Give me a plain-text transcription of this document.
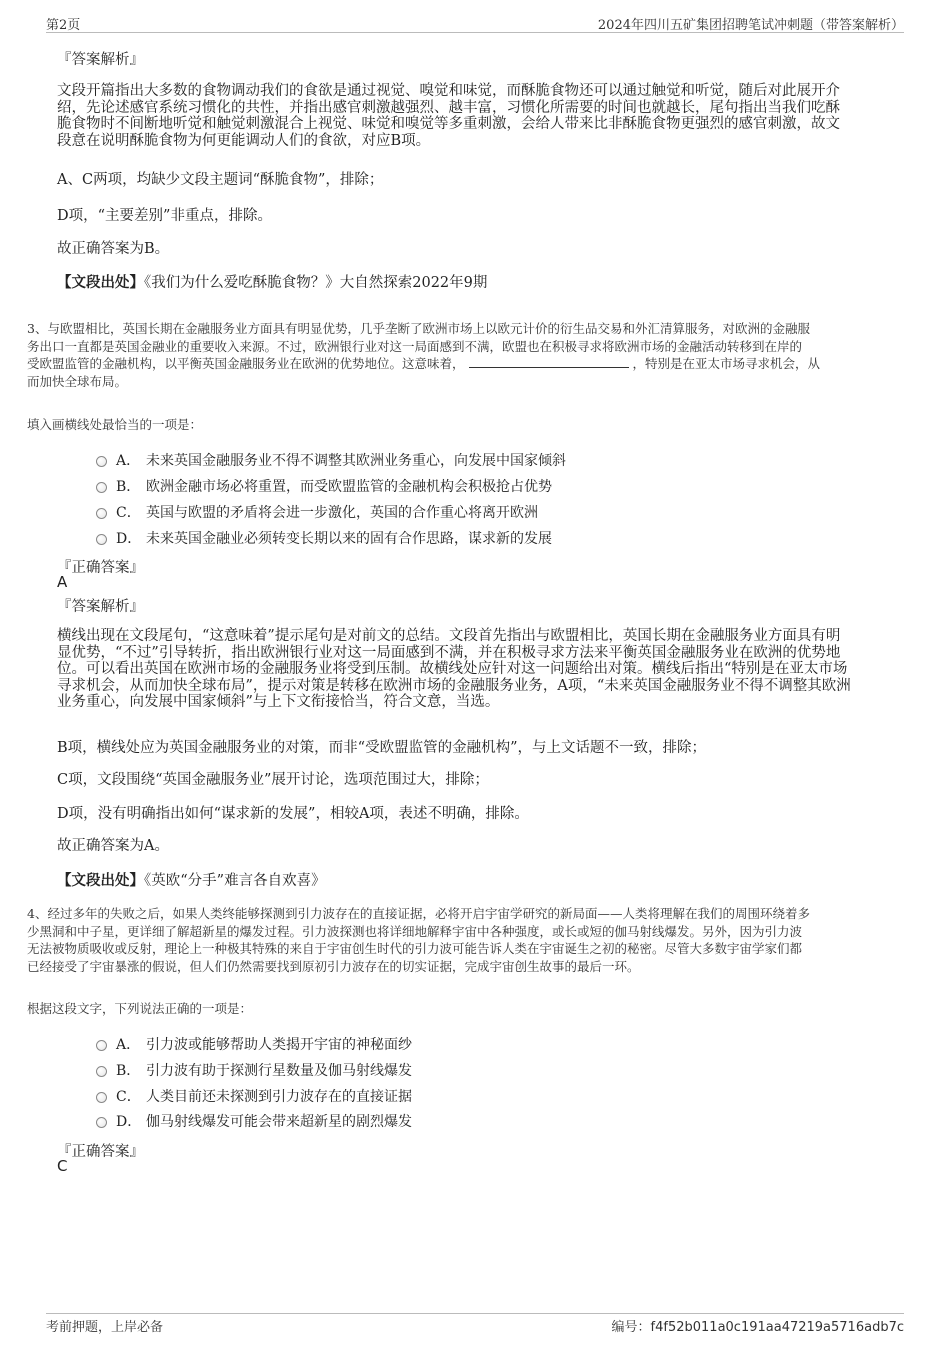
第2页	2024年四川五矿集团招聘笔试冲刺题（带答案解析）
『答案解析』
文段开篇指出大多数的食物调动我们的食欲是通过视觉、嗅觉和味觉，而酥脆食物还可以通过触觉和听觉，随后对此展开介
绍，先论述感官系统习惯化的共性，并指出感官刺激越强烈、越丰富，习惯化所需要的时间也就越长，尾句指出当我们吃酥
脆食物时不间断地听觉和触觉刺激混合上视觉、味觉和嗅觉等多重刺激，会给人带来比非酥脆食物更强烈的感官刺激，故文
段意在说明酥脆食物为何更能调动人们的食欲，对应B项。
A、C两项，均缺少文段主题词“酥脆食物”，排除；
D项，“主要差别”非重点，排除。
故正确答案为B。
【文段出处】《我们为什么爱吃酥脆食物？》大自然探索2022年9期
3、与欧盟相比，英国长期在金融服务业方面具有明显优势，几乎垄断了欧洲市场上以欧元计价的衍生品交易和外汇清算服务，对欧洲的金融服
务出口一直都是英国金融业的重要收入来源。不过，欧洲银行业对这一局面感到不满，欧盟也在积极寻求将欧洲市场的金融活动转移到在岸的
受欧盟监管的金融机构，以平衡英国金融服务业在欧洲的优势地位。这意味着，	，特别是在亚太市场寻求机会，从
而加快全球布局。
填入画横线处最恰当的一项是：
A． 未来英国金融服务业不得不调整其欧洲业务重心，向发展中国家倾斜
B． 欧洲金融市场必将重置，而受欧盟监管的金融机构会积极抢占优势
C． 英国与欧盟的矛盾将会进一步激化，英国的合作重心将离开欧洲
D． 未来英国金融业必须转变长期以来的固有合作思路，谋求新的发展
『正确答案』
A
『答案解析』
横线出现在文段尾句，“这意味着”提示尾句是对前文的总结。文段首先指出与欧盟相比，英国长期在金融服务业方面具有明
显优势，“不过”引导转折，指出欧洲银行业对这一局面感到不满，并在积极寻求方法来平衡英国金融服务业在欧洲的优势地
位。可以看出英国在欧洲市场的金融服务业将受到压制。故横线处应针对这一问题给出对策。横线后指出“特别是在亚太市场
寻求机会，从而加快全球布局”，提示对策是转移在欧洲市场的金融服务业务，A项，“未来英国金融服务业不得不调整其欧洲
业务重心，向发展中国家倾斜”与上下文衔接恰当，符合文意，当选。
B项，横线处应为英国金融服务业的对策，而非“受欧盟监管的金融机构”，与上文话题不一致，排除；
C项，文段围绕“英国金融服务业”展开讨论，选项范围过大，排除；
D项，没有明确指出如何“谋求新的发展”，相较A项，表述不明确，排除。
故正确答案为A。
【文段出处】《英欧“分手”难言各自欢喜》
4、经过多年的失败之后，如果人类终能够探测到引力波存在的直接证据，必将开启宇宙学研究的新局面——人类将理解在我们的周围环绕着多
少黑洞和中子星，更详细了解超新星的爆发过程。引力波探测也将详细地解释宇宙中各种强度，或长或短的伽马射线爆发。另外，因为引力波
无法被物质吸收或反射，理论上一种极其特殊的来自于宇宙创生时代的引力波可能告诉人类在宇宙诞生之初的秘密。尽管大多数宇宙学家们都
已经接受了宇宙暴涨的假说，但人们仍然需要找到原初引力波存在的切实证据，完成宇宙创生故事的最后一环。
根据这段文字，下列说法正确的一项是：
A． 引力波或能够帮助人类揭开宇宙的神秘面纱
B． 引力波有助于探测行星数量及伽马射线爆发
C． 人类目前还未探测到引力波存在的直接证据
D． 伽马射线爆发可能会带来超新星的剧烈爆发
『正确答案』
C
考前押题，上岸必备	编号：f4f52b011a0c191aa47219a5716adb7c
